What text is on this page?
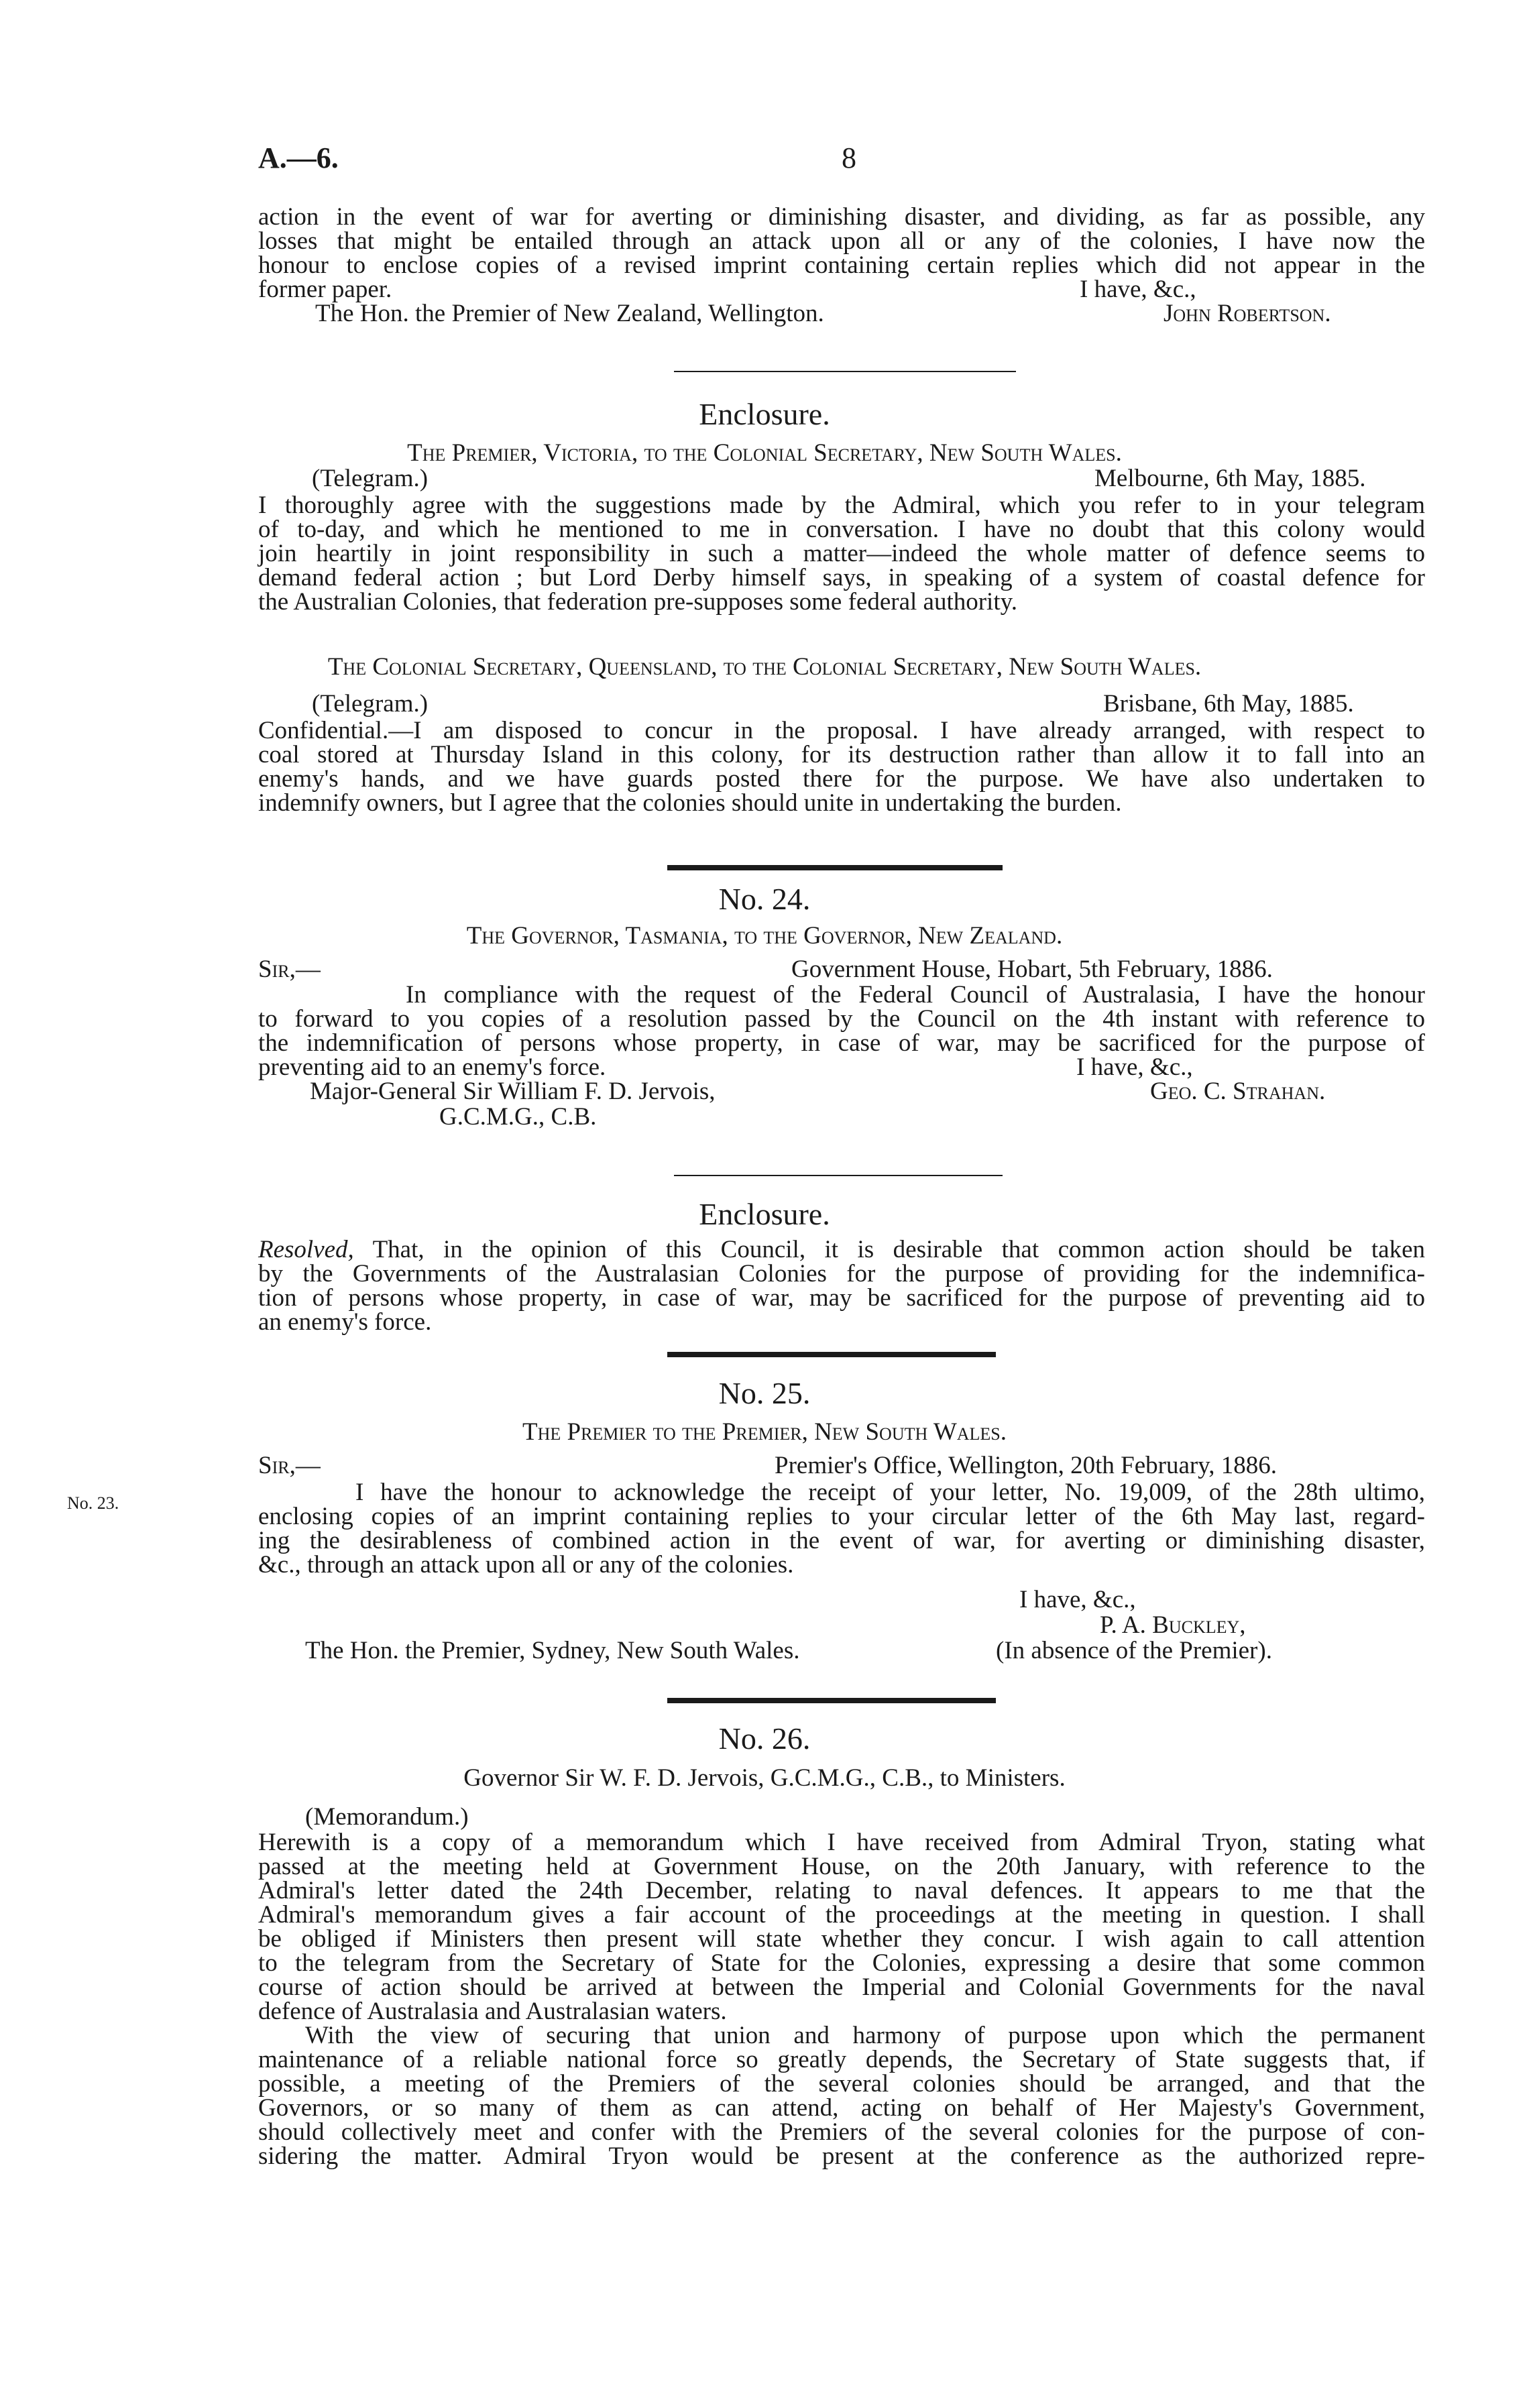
A.—6.	8
action in the event of war for averting or diminishing disaster, and dividing, as far as possible, any
losses that might be entailed through an attack upon all or any of the colonies, I have now the
honour to enclose copies of a revised imprint containing certain replies which did not appear in the
former paper.	I have, &c.,
The Hon. the Premier of New Zealand, Wellington.	John Robertson.
Enclosure.
The Premier, Victoria, to the Colonial Secretary, New South Wales.
(Telegram.)	Melbourne, 6th May, 1885.
I thoroughly agree with the suggestions made by the Admiral, which you refer to in your telegram
of to-day, and which he mentioned to me in conversation. I have no doubt that this colony would
join heartily in joint responsibility in such a matter—indeed the whole matter of defence seems to
demand federal action ; but Lord Derby himself says, in speaking of a system of coastal defence for
the Australian Colonies, that federation pre-supposes some federal authority.
The Colonial Secretary, Queensland, to the Colonial Secretary, New South Wales.
(Telegram.)	Brisbane, 6th May, 1885.
Confidential.—I am disposed to concur in the proposal. I have already arranged, with respect to
coal stored at Thursday Island in this colony, for its destruction rather than allow it to fall into an
enemy's hands, and we have guards posted there for the purpose. We have also undertaken to
indemnify owners, but I agree that the colonies should unite in undertaking the burden.
No. 24.
The Governor, Tasmania, to the Governor, New Zealand.
Sir,—	Government House, Hobart, 5th February, 1886.
In compliance with the request of the Federal Council of Australasia, I have the honour
to forward to you copies of a resolution passed by the Council on the 4th instant with reference to
the indemnification of persons whose property, in case of war, may be sacrificed for the purpose of
preventing aid to an enemy's force.	I have, &c.,
Major-General Sir William F. D. Jervois,	Geo. C. Strahan.
G.C.M.G., C.B.
Enclosure.
Resolved, That, in the opinion of this Council, it is desirable that common action should be taken
by the Governments of the Australasian Colonies for the purpose of providing for the indemnifica-
tion of persons whose property, in case of war, may be sacrificed for the purpose of preventing aid to
an enemy's force.
No. 25.
The Premier to the Premier, New South Wales.
Sir,—	Premier's Office, Wellington, 20th February, 1886.
No. 23.	I have the honour to acknowledge the receipt of your letter, No. 19,009, of the 28th ultimo,
enclosing copies of an imprint containing replies to your circular letter of the 6th May last, regard-
ing the desirableness of combined action in the event of war, for averting or diminishing disaster,
&c., through an attack upon all or any of the colonies.
I have, &c.,
P. A. Buckley,
The Hon. the Premier, Sydney, New South Wales.	(In absence of the Premier).
No. 26.
Governor Sir W. F. D. Jervois, G.C.M.G., C.B., to Ministers.
(Memorandum.)
Herewith is a copy of a memorandum which I have received from Admiral Tryon, stating what
passed at the meeting held at Government House, on the 20th January, with reference to the
Admiral's letter dated the 24th December, relating to naval defences. It appears to me that the
Admiral's memorandum gives a fair account of the proceedings at the meeting in question. I shall
be obliged if Ministers then present will state whether they concur. I wish again to call attention
to the telegram from the Secretary of State for the Colonies, expressing a desire that some common
course of action should be arrived at between the Imperial and Colonial Governments for the naval
defence of Australasia and Australasian waters.
With the view of securing that union and harmony of purpose upon which the permanent
maintenance of a reliable national force so greatly depends, the Secretary of State suggests that, if
possible, a meeting of the Premiers of the several colonies should be arranged, and that the
Governors, or so many of them as can attend, acting on behalf of Her Majesty's Government,
should collectively meet and confer with the Premiers of the several colonies for the purpose of con-
sidering the matter. Admiral Tryon would be present at the conference as the authorized repre-
